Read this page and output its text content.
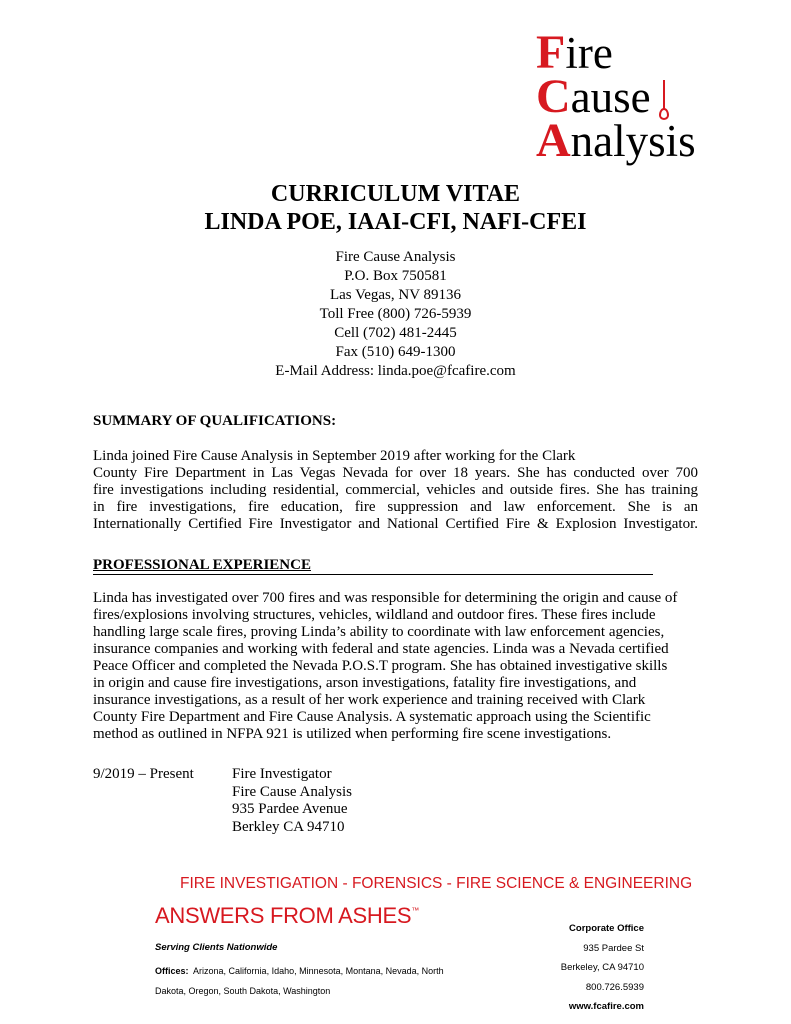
Fire
Cause
Analysis
CURRICULUM VITAE
LINDA POE, IAAI-CFI, NAFI-CFEI
Fire Cause Analysis
P.O. Box 750581
Las Vegas, NV 89136
Toll Free (800) 726-5939
Cell (702) 481-2445
Fax (510) 649-1300
E-Mail Address: linda.poe@fcafire.com
SUMMARY OF QUALIFICATIONS:
Linda joined Fire Cause Analysis in September 2019 after working for the Clark
County Fire Department in Las Vegas Nevada for over 18 years. She has conducted over 700
fire investigations including residential, commercial, vehicles and outside fires. She has training
in fire investigations, fire education, fire suppression and law enforcement. She is an
Internationally Certified Fire Investigator and National Certified Fire & Explosion Investigator.
PROFESSIONAL EXPERIENCE
Linda has investigated over 700 fires and was responsible for determining the origin and cause of
fires/explosions involving structures, vehicles, wildland and outdoor fires. These fires include
handling large scale fires, proving Linda’s ability to coordinate with law enforcement agencies,
insurance companies and working with federal and state agencies. Linda was a Nevada certified
Peace Officer and completed the Nevada P.O.S.T program. She has obtained investigative skills
in origin and cause fire investigations, arson investigations, fatality fire investigations, and
insurance investigations, as a result of her work experience and training received with Clark
County Fire Department and Fire Cause Analysis. A systematic approach using the Scientific
method as outlined in NFPA 921 is utilized when performing fire scene investigations.
9/2019 – Present	Fire Investigator
Fire Cause Analysis
935 Pardee Avenue
Berkley CA 94710
FIRE INVESTIGATION - FORENSICS - FIRE SCIENCE & ENGINEERING
ANSWERS FROM ASHES™
Serving Clients Nationwide
Offices: Arizona, California, Idaho, Minnesota, Montana, Nevada, North
Dakota, Oregon, South Dakota, Washington
Corporate Office
935 Pardee St
Berkeley, CA 94710
800.726.5939
www.fcafire.com
